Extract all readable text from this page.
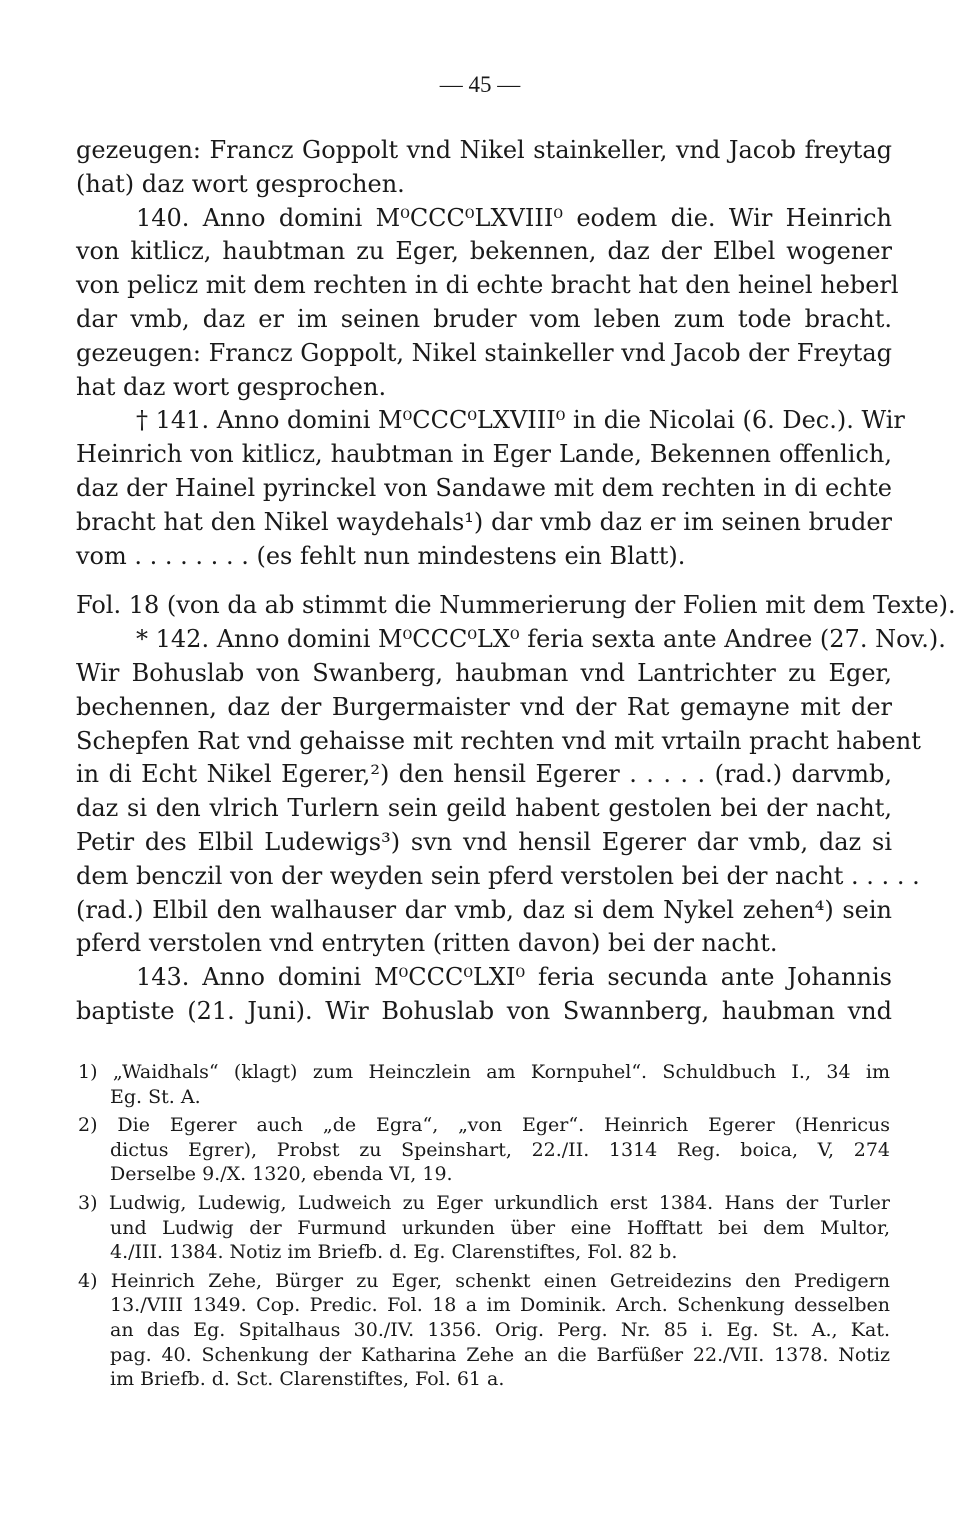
— 45 —
gezeugen: Francz Goppolt vnd Nikel stainkeller, vnd Jacob freytag
(hat) daz wort gesprochen.
140. Anno domini M⁰CCC⁰LXVIII⁰ eodem die. Wir Heinrich
von kitlicz, haubtman zu Eger, bekennen, daz der Elbel wogener
von pelicz mit dem rechten in di echte bracht hat den heinel heberl
dar vmb, daz er im seinen bruder vom leben zum tode bracht.
gezeugen: Francz Goppolt, Nikel stainkeller vnd Jacob der Freytag
hat daz wort gesprochen.
† 141. Anno domini M⁰CCC⁰LXVIII⁰ in die Nicolai (6. Dec.). Wir
Heinrich von kitlicz, haubtman in Eger Lande, Bekennen offenlich,
daz der Hainel pyrinckel von Sandawe mit dem rechten in di echte
bracht hat den Nikel waydehals¹) dar vmb daz er im seinen bruder
vom . . . . . . . . (es fehlt nun mindestens ein Blatt).
Fol. 18 (von da ab stimmt die Nummerierung der Folien mit dem Texte).
* 142. Anno domini M⁰CCC⁰LX⁰ feria sexta ante Andree (27. Nov.).
Wir Bohuslab von Swanberg, haubman vnd Lantrichter zu Eger,
bechennen, daz der Burgermaister vnd der Rat gemayne mit der
Schepfen Rat vnd gehaisse mit rechten vnd mit vrtailn pracht habent
in di Echt Nikel Egerer,²) den hensil Egerer . . . . . (rad.) darvmb,
daz si den vlrich Turlern sein geild habent gestolen bei der nacht,
Petir des Elbil Ludewigs³) svn vnd hensil Egerer dar vmb, daz si
dem benczil von der weyden sein pferd verstolen bei der nacht . . . . .
(rad.) Elbil den walhauser dar vmb, daz si dem Nykel zehen⁴) sein
pferd verstolen vnd entryten (ritten davon) bei der nacht.
143. Anno domini M⁰CCC⁰LXI⁰ feria secunda ante Johannis
baptiste (21. Juni). Wir Bohuslab von Swannberg, haubman vnd
1) „Waidhals“ (klagt) zum Heinczlein am Kornpuhel“. Schuldbuch I., 34 im
Eg. St. A.
2) Die Egerer auch „de Egra“, „von Eger“. Heinrich Egerer (Henricus
dictus Egrer), Probst zu Speinshart, 22./II. 1314 Reg. boica, V, 274
Derselbe 9./X. 1320, ebenda VI, 19.
3) Ludwig, Ludewig, Ludweich zu Eger urkundlich erst 1384. Hans der Turler
und Ludwig der Furmund urkunden über eine Hofftatt bei dem Multor,
4./III. 1384. Notiz im Briefb. d. Eg. Clarenstiftes, Fol. 82 b.
4) Heinrich Zehe, Bürger zu Eger, schenkt einen Getreidezins den Predigern
13./VIII 1349. Cop. Predic. Fol. 18 a im Dominik. Arch. Schenkung desselben
an das Eg. Spitalhaus 30./IV. 1356. Orig. Perg. Nr. 85 i. Eg. St. A., Kat.
pag. 40. Schenkung der Katharina Zehe an die Barfüßer 22./VII. 1378. Notiz
im Briefb. d. Sct. Clarenstiftes, Fol. 61 a.
